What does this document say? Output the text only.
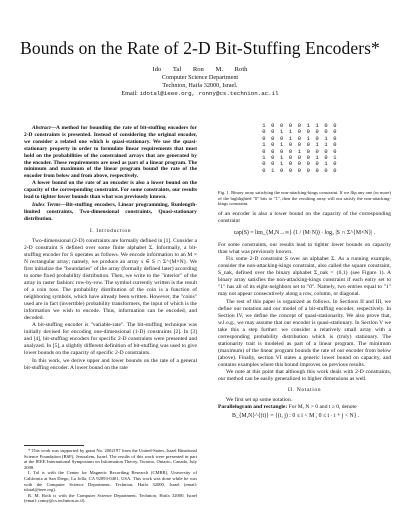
Bounds on the Rate of 2-D Bit-Stuffing Encoders*
Ido Tal Ron M. Roth
Computer Science Department
Technion, Haifa 32000, Israel.
Email: idotal@ieee.org, ronny@cs.technion.ac.il

Abstract—A method for bounding the rate of bit-stuffing encoders for 2-D constraints is presented. Instead of considering the original encoder, we consider a related one which is quasi-stationary. We use the quasi-stationary property in order to formulate linear requirements that must hold on the probabilities of the constrained arrays that are generated by the encoder. These requirements are used as part of a linear program. The minimum and maximum of the linear program bound the rate of the encoder from below and from above, respectively.

A lower bound on the rate of an encoder is also a lower bound on the capacity of the corresponding constraint. For some constraints, our results lead to tighter lower bounds than what was previously known.

Index Terms—Bit-stuffing encoders, Linear programming, Runlength-limited constraints, Two-dimensional constraints, Quasi-stationary distribution.

I. Introduction

Two-dimensional (2-D) constraints are formally defined in [1]. Consider a 2-D constraint S defined over some finite alphabet Σ. Informally, a bit-stuffing encoder for S operates as follows. We encode information to an M × N rectangular array; namely, we produce an array x ∈ S ∩ Σ^{M×N}. We first initialize the "boundaries" of the array (formally defined later) according to some fixed probability distribution. Then, we write to the "interior" of the array in raster fashion: row-by-row. The symbol currently written is the result of a coin toss. The probability distribution of the coin is a function of neighboring symbols, which have already been written. However, the "coins" used are in fact (invertible) probability transformers, the input of which is the information we wish to encode. Thus, information can be encoded, and decoded.

A bit-stuffing encoder is "variable-rate". The bit-stuffing technique was initially devised for encoding one-dimensional (1-D) constraints [2]. In [3] and [4], bit-stuffing encoders for specific 2-D constraints were presented and analyzed. In [5], a slightly different definition of bit-stuffing was used to give lower bounds on the capacity of specific 2-D constraints.

In this work, we derive upper and lower bounds on the rate of a general bit-stuffing encoder. A lower bound on the rate

* This work was supported by grant No. 2002197 from the United-States–Israel Binational Science Foundation (BSF), Jerusalem, Israel. The results of this work were presented in part at the IEEE International Symposium on Information Theory, Toronto, Ontario, Canada, July 2008.

I. Tal is with the Center for Magnetic Recording Research (CMRR), University of California at San Diego, La Jolla, CA 92093-0401, USA. This work was done while he was with the Computer Science Department, Technion, Haifa 32000, Israel (email: idotal@ieee.org).

R. M. Roth is with the Computer Science Department, Technion, Haifa 32000, Israel (email: ronny@cs.technion.ac.il).

1 0 0 0 0 1 1 0 0
0 0 1 1 0 0 0 0 0
0 0 0 1 0 1 0 1 0
1 0 1 0 0 0 1 1 0
0 0 0 0 1 0 0 0 0
1 0 1 0 0 0 1 0 1
0 0 1 0 0 0 0 1 0
0 1 0 0 0 0 0 0 0
Fig. 1. Binary array satisfying the non-attacking-kings constraint. If we flip any one (or more) of the highlighted "0" bits to "1", then the resulting array will not satisfy the non-attacking-kings constraint.

of an encoder is also a lower bound on the capacity of the corresponding constraint

cap(S) = lim_{M,N→∞} (1 / (M·N)) · log₂ |S ∩ Σ^{M×N}| .

For some constraints, our results lead to tighter lower bounds on capacity than what was previously known.

Fix some 2-D constraint S over an alphabet Σ. As a running example, consider the non-attacking-kings constraint, also called the square constraint, S_nak, defined over the binary alphabet Σ_nak = {0,1} (see Figure 1). A binary array satisfies the non-attacking-kings constraint if each entry set to "1" has all of its eight-neighbors set to "0". Namely, two entries equal to "1" may not appear consecutively along a row, column, or diagonal.

The rest of this paper is organized as follows. In Sections II and III, we define our notation and our model of a bit-stuffing encoder, respectively. In Section IV, we define the concept of quasi-stationarity. We also prove that, w.l.o.g., we may assume that our encoder is quasi-stationary. In Section V we take this a step further: we consider a relatively small array with a corresponding probability distribution which is (truly) stationary. The stationarity trait is modeled as part of a linear program. The minimum (maximum) of the linear program bounds the rate of our encoder from below (above). Finally, section VI states a generic lower bound on capacity, and contains examples where this bound improves on previous results.

We note at this point that although this work deals with 2-D constraints, our method can be easily generalized to higher dimensions as well.

II. Notation

We first set up some notation.

Parallelogram and rectangle: For M, N > 0 and t ≥ 0, denote

B_{M,N}^{(t)} = {(i, j) : 0 ≤ i < M , 0 ≤ t · i + j < N} .
